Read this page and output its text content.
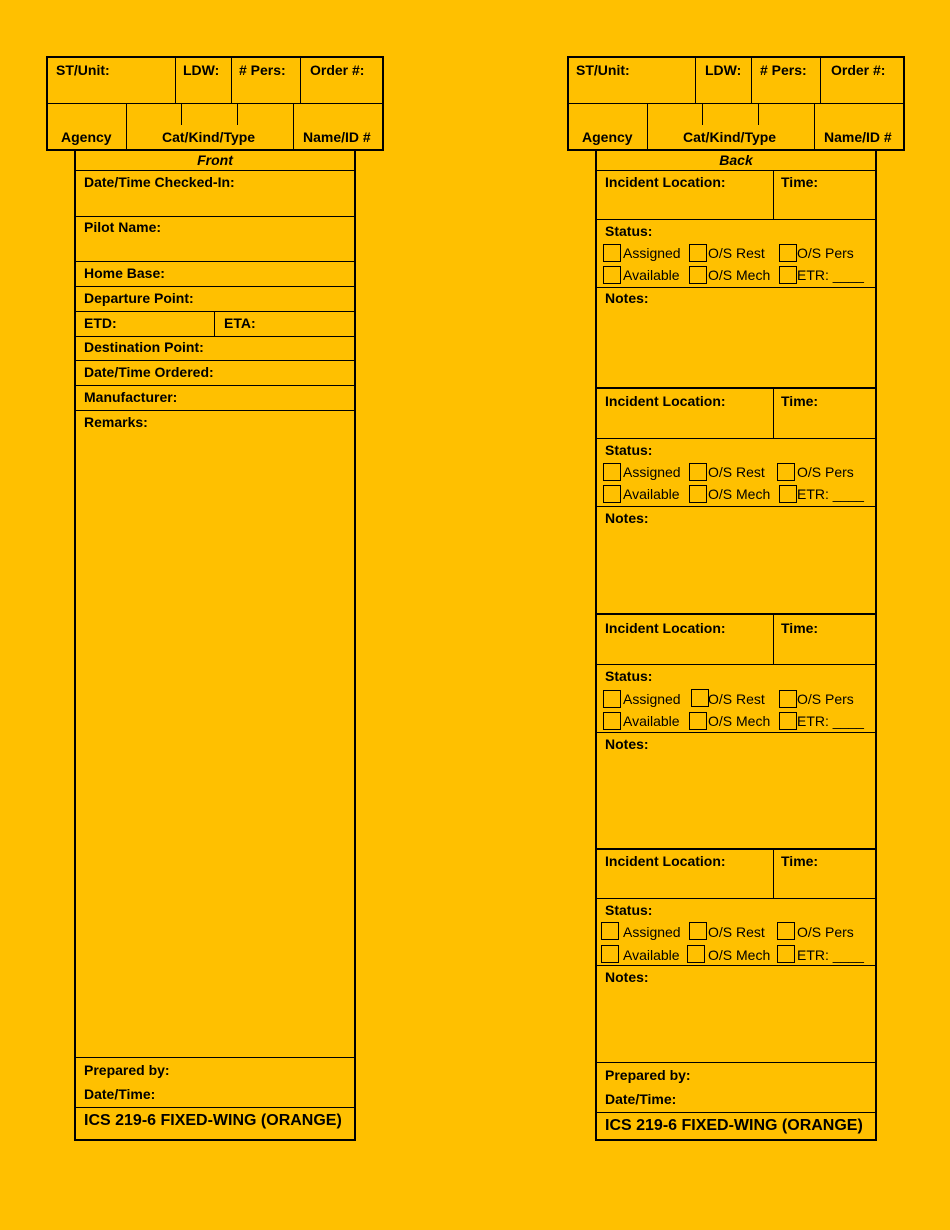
ST/Unit:	LDW: # Pers: Order #:
Agency	Cat/Kind/Type	Name/ID #
Front
Date/Time Checked-In:
Pilot Name:
Home Base:
Departure Point:
ETD:	ETA:
Destination Point:
Date/Time Ordered:
Manufacturer:
Remarks:
Prepared by:
Date/Time:
ICS 219-6 FIXED-WING (ORANGE)
ST/Unit:	LDW: # Pers: Order #:
Agency	Cat/Kind/Type	Name/ID #
Back
Incident Location:	Time:
Status:
Assigned O/S Rest O/S Pers
Available O/S Mech ETR: ____
Notes:
Incident Location:	Time:
Status:
Assigned O/S Rest O/S Pers
Available O/S Mech ETR: ____
Notes:
Incident Location:	Time:
Status:
Assigned O/S Rest O/S Pers
Available O/S Mech ETR: ____
Notes:
Incident Location:	Time:
Status:
Assigned O/S Rest O/S Pers
Available O/S Mech ETR: ____
Notes:
Prepared by:
Date/Time:
ICS 219-6 FIXED-WING (ORANGE)
